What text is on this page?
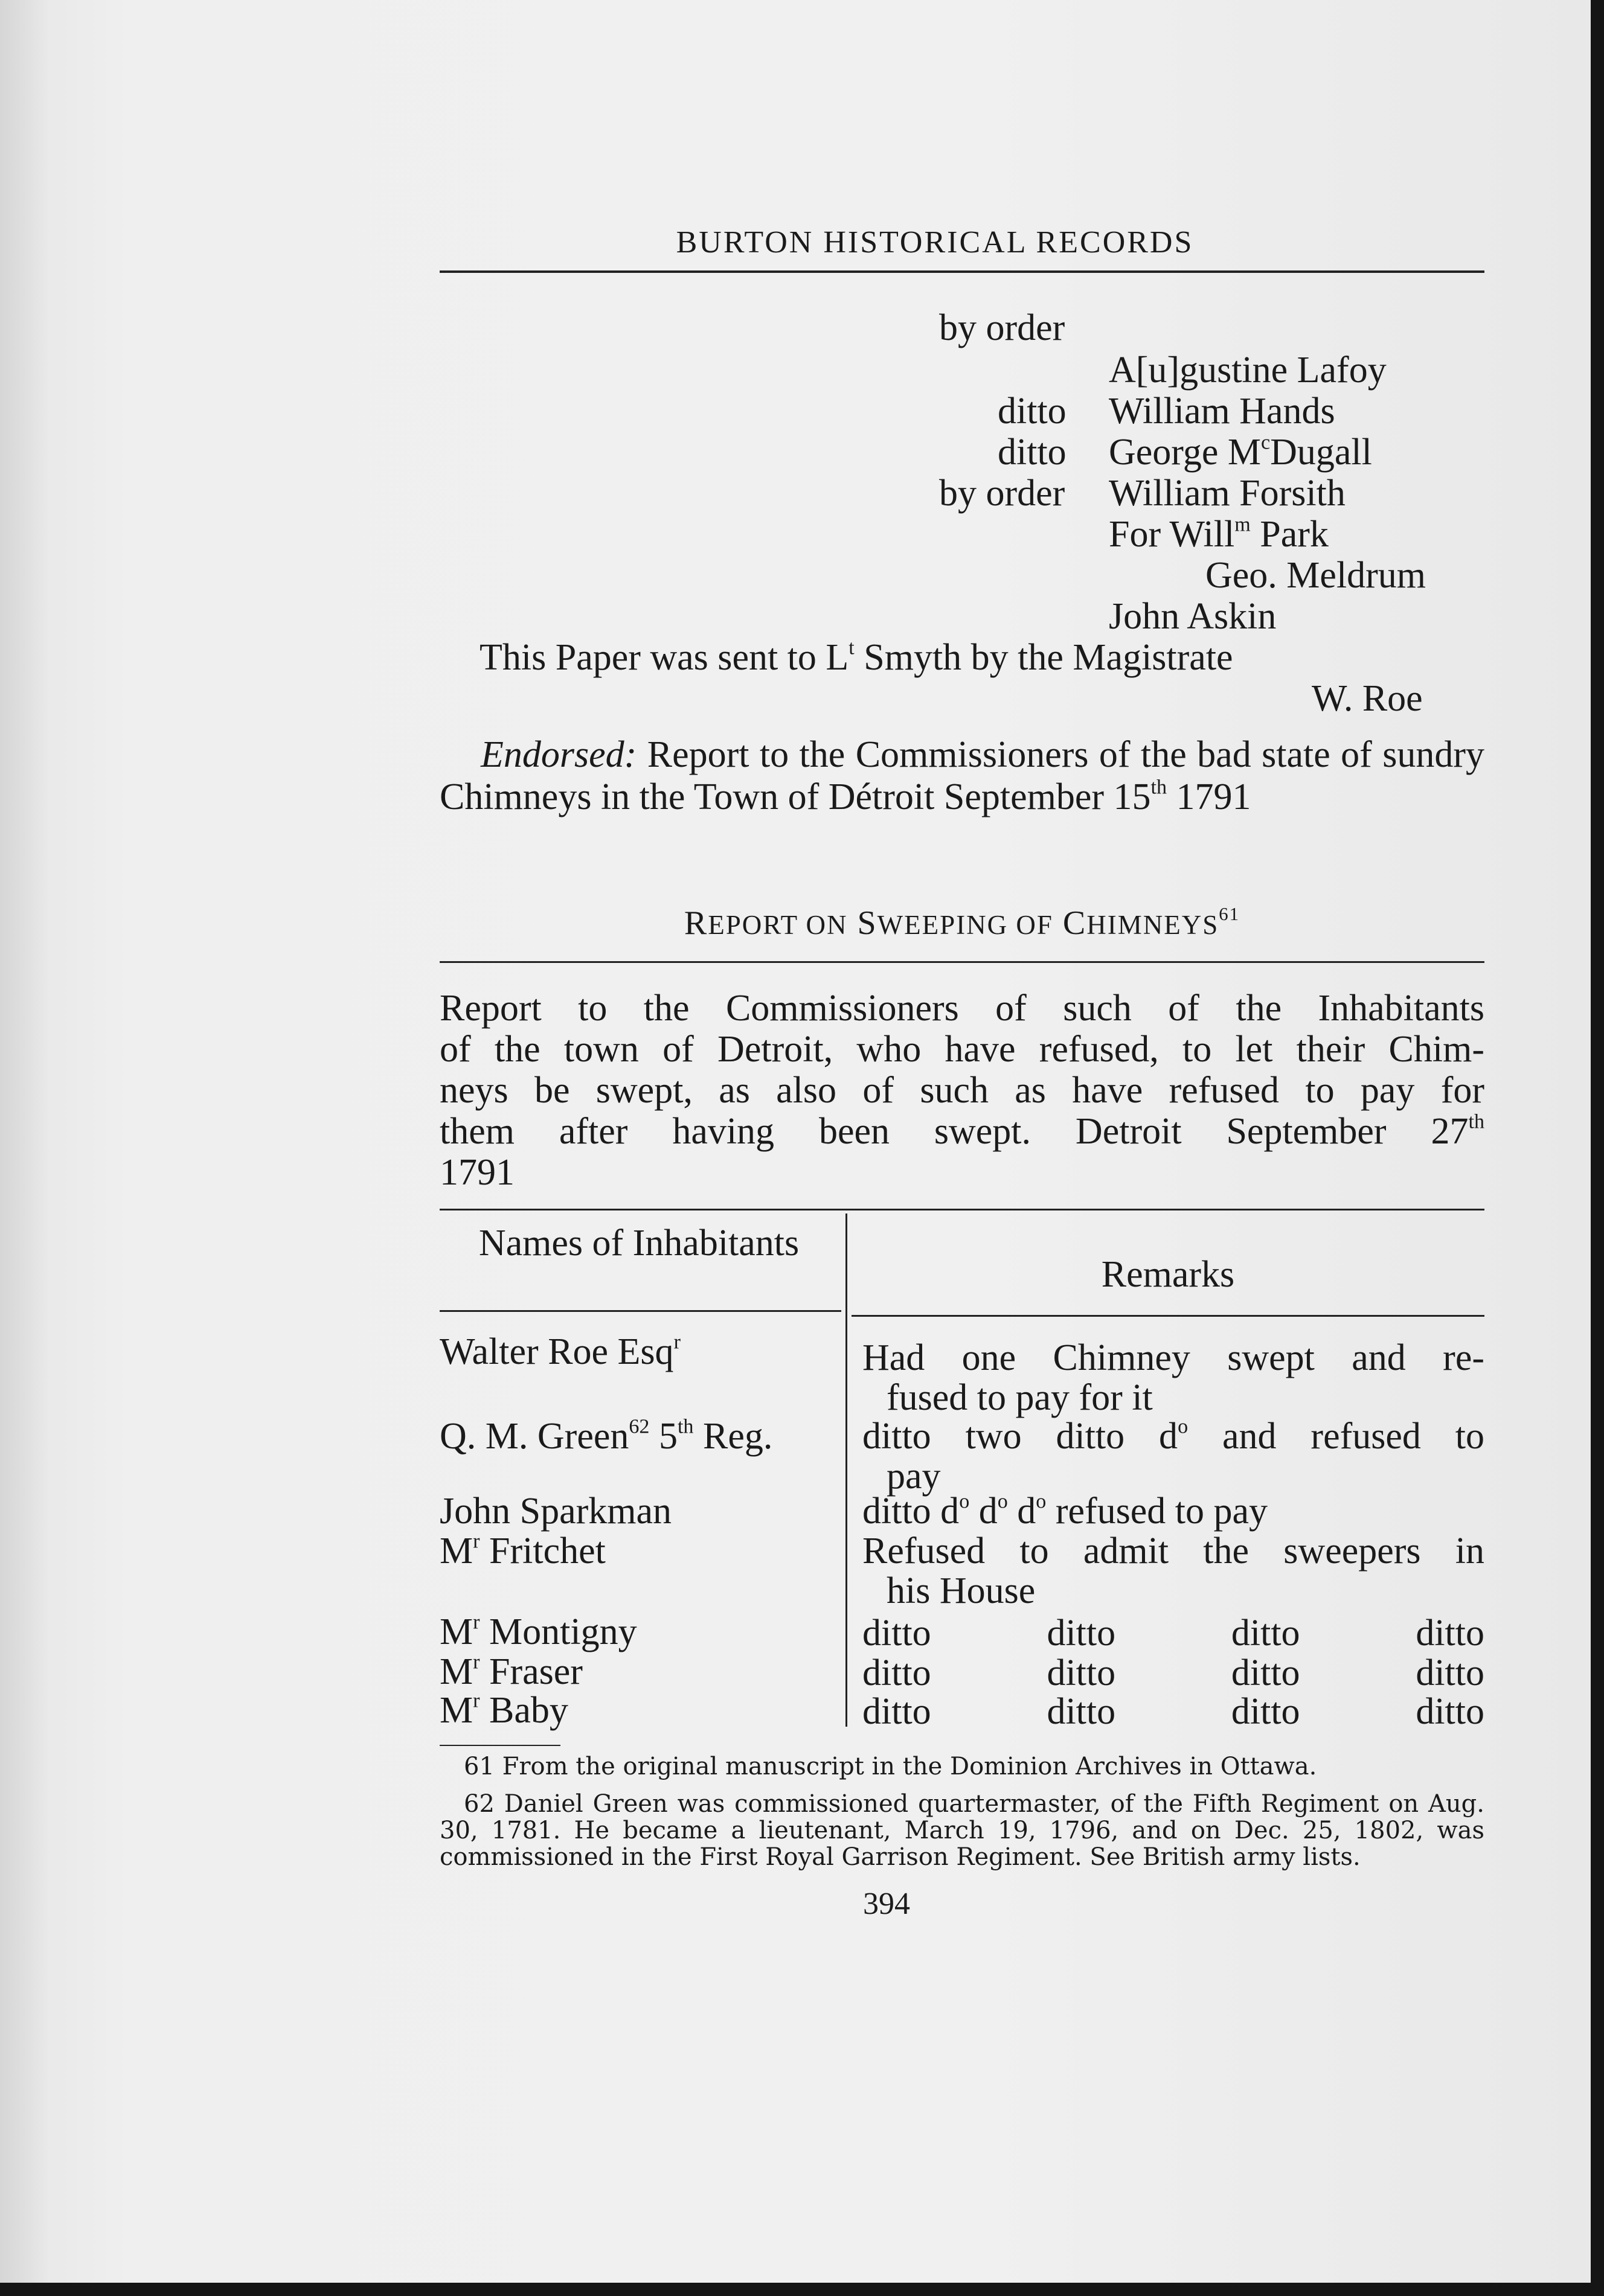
BURTON HISTORICAL RECORDS
by order
A[u]gustine Lafoy
ditto William Hands
ditto George $M^cDugall$
by order William Forsith
For Will$^m$ Park
Geo. Meldrum
John Askin
This Paper was sent to $L^t$ Smyth by the Magistrate
W. Roe
Endorsed: Report to the Commissioners of the bad state of sundry Chimneys in the Town of Détroit September 15th 1791
REPORT ON SWEEPING OF CHIMNEYS$^{61}$
Report to the Commissioners of such of the Inhabitants
of the town of Detroit, who have refused, to let their Chim-
neys be swept, as also of such as have refused to pay for
them after having been swept. Detroit September 27th
1791
Names of Inhabitants
Remarks
Walter Roe Esq$^r$	Had one Chimney swept and re-
fused to pay for it
Q. M. Green$^{62}$ 5th Reg. ditto two ditto $d^o$ and refused to
pay
John Sparkman	ditto $d^o$ $d^o$ $d^o$ refused to pay
$M^r$ Fritchet	Refused to admit the sweepers in
his House
$M^r$ Montigny	ditto	ditto	ditto	ditto
$M^r$ Fraser	ditto	ditto	ditto	ditto
$M^r$ Baby	ditto	ditto	ditto	ditto
61 From the original manuscript in the Dominion Archives in Ottawa.
62 Daniel Green was commissioned quartermaster, of the Fifth Regiment on Aug. 30, 1781. He became a lieutenant, March 19, 1796, and on Dec. 25, 1802, was commissioned in the First Royal Garrison Regiment. See British army lists.
394
